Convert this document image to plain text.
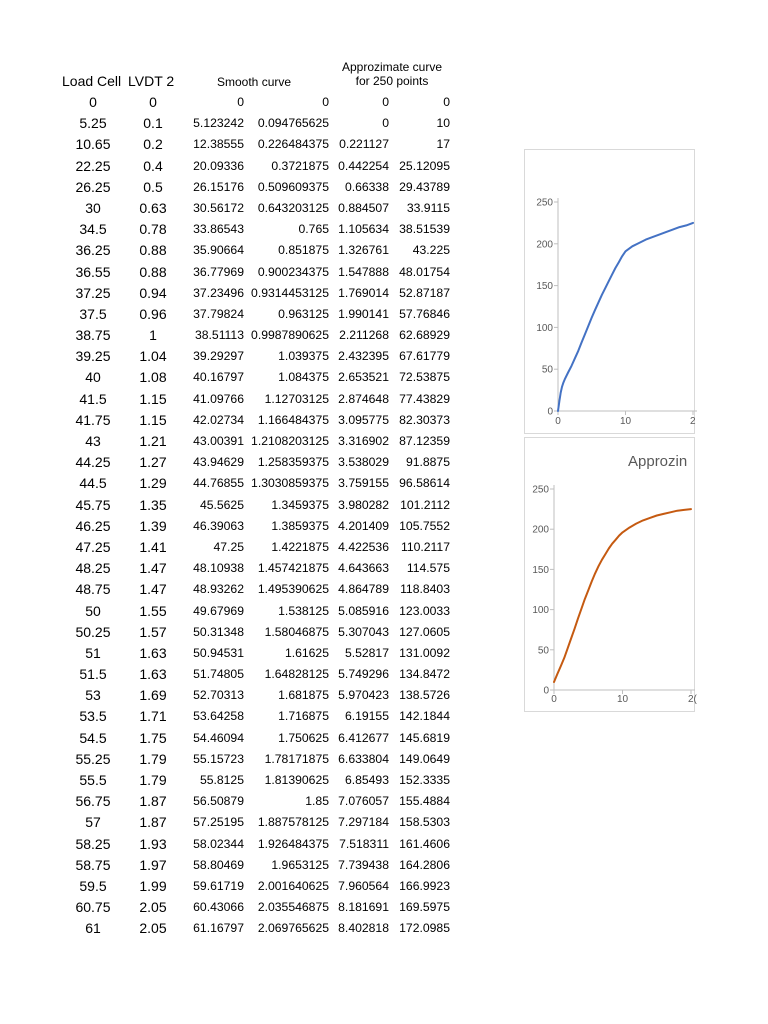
Load Cell LVDT 2	Smooth curve
Approzimate curve
for 250 points
0	0	0	0	0	0
5.25	0.1	5.123242	0.094765625	0	10
10.65	0.2	12.38555	0.226484375 0.221127	17
22.25	0.4	20.09336	0.3721875 0.442254 25.12095
26.25	0.5	26.15176	0.509609375	0.66338 29.43789
30	0.63	30.56172	0.643203125 0.884507	33.9115
34.5	0.78	33.86543	0.765 1.105634 38.51539
36.25	0.88	35.90664	0.851875 1.326761	43.225
36.55	0.88	36.77969	0.900234375 1.547888 48.01754
37.25	0.94	37.23496 0.9314453125 1.769014 52.87187
37.5	0.96	37.79824	0.963125 1.990141 57.76846
38.75	1	38.51113 0.9987890625 2.211268 62.68929
39.25	1.04	39.29297	1.039375 2.432395 67.61779
40	1.08	40.16797	1.084375 2.653521 72.53875
41.5	1.15	41.09766	1.12703125 2.874648 77.43829
41.75	1.15	42.02734	1.166484375 3.095775 82.30373
43	1.21	43.00391 1.2108203125 3.316902 87.12359
44.25	1.27	43.94629	1.258359375 3.538029	91.8875
44.5	1.29	44.76855 1.3030859375 3.759155 96.58614
45.75	1.35	45.5625	1.3459375 3.980282 101.2112
46.25	1.39	46.39063	1.3859375 4.201409 105.7552
47.25	1.41	47.25	1.4221875 4.422536 110.2117
48.25	1.47	48.10938	1.457421875 4.643663	114.575
48.75	1.47	48.93262	1.495390625 4.864789 118.8403
50	1.55	49.67969	1.538125 5.085916 123.0033
50.25	1.57	50.31348	1.58046875 5.307043 127.0605
51	1.63	50.94531	1.61625	5.52817 131.0092
51.5	1.63	51.74805	1.64828125 5.749296 134.8472
53	1.69	52.70313	1.681875 5.970423 138.5726
53.5	1.71	53.64258	1.716875	6.19155 142.1844
54.5	1.75	54.46094	1.750625 6.412677 145.6819
55.25	1.79	55.15723	1.78171875 6.633804 149.0649
55.5	1.79	55.8125	1.81390625	6.85493 152.3335
56.75	1.87	56.50879	1.85 7.076057 155.4884
57	1.87	57.25195	1.887578125 7.297184 158.5303
58.25	1.93	58.02344	1.926484375 7.518311 161.4606
58.75	1.97	58.80469	1.9653125 7.739438 164.2806
59.5	1.99	59.61719	2.001640625 7.960564 166.9923
60.75	2.05	60.43066	2.035546875 8.181691 169.5975
61	2.05	61.16797	2.069765625 8.402818 172.0985
0
50
100
150
200
250
0	10	2
Approzin
0
50
100
150
200
250
0	10	2(
